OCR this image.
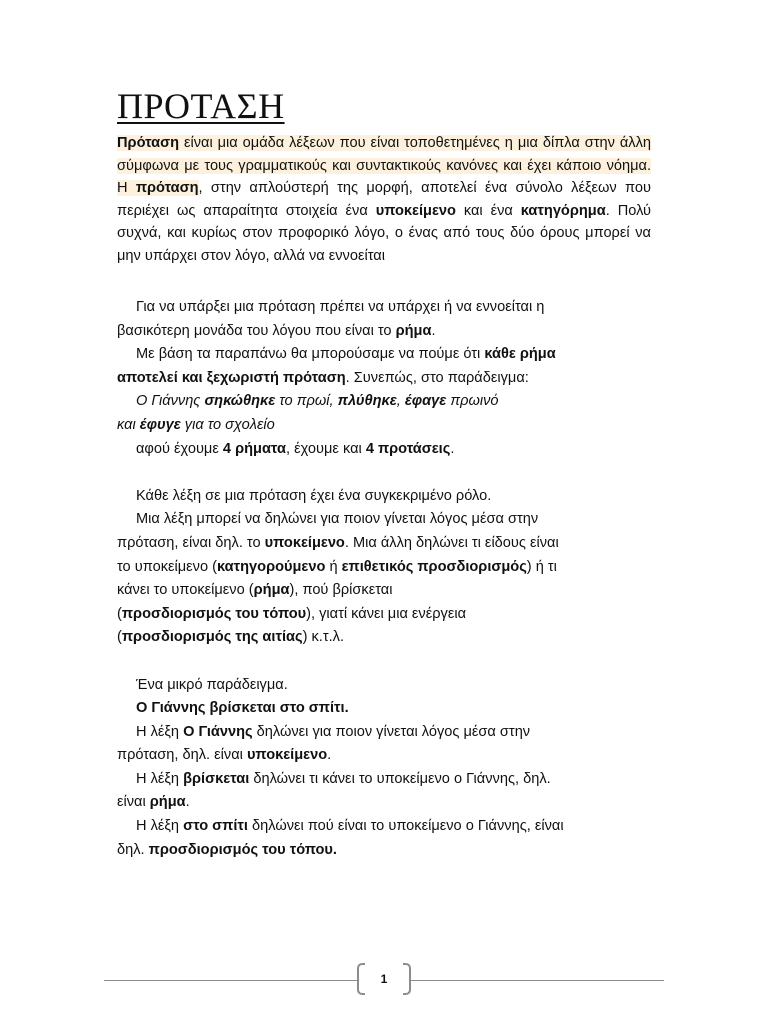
ΠΡΟΤΑΣΗ
Πρόταση είναι μια ομάδα λέξεων που είναι τοποθετημένες η μια δίπλα στην άλλη σύμφωνα με τους γραμματικούς και συντακτικούς κανόνες και έχει κάποιο νόημα. Η πρόταση, στην απλούστερή της μορφή, αποτελεί ένα σύνολο λέξεων που περιέχει ως απαραίτητα στοιχεία ένα υποκείμενο και ένα κατηγόρημα. Πολύ συχνά, και κυρίως στον προφορικό λόγο, ο ένας από τους δύο όρους μπορεί να μην υπάρχει στον λόγο, αλλά να εννοείται
Για να υπάρξει μια πρόταση πρέπει να υπάρχει ή να εννοείται η
βασικότερη μονάδα του λόγου που είναι το ρήμα.
Με βάση τα παραπάνω θα μπορούσαμε να πούμε ότι κάθε ρήμα
αποτελεί και ξεχωριστή πρόταση. Συνεπώς, στο παράδειγμα:
Ο Γιάννης σηκώθηκε το πρωί, πλύθηκε, έφαγε πρωινό
και έφυγε για το σχολείο
αφού έχουμε 4 ρήματα, έχουμε και 4 προτάσεις.
Κάθε λέξη σε μια πρόταση έχει ένα συγκεκριμένο ρόλο.
Μια λέξη μπορεί να δηλώνει για ποιον γίνεται λόγος μέσα στην
πρόταση, είναι δηλ. το υποκείμενο. Μια άλλη δηλώνει τι είδους είναι
το υποκείμενο (κατηγορούμενο ή επιθετικός προσδιορισμός) ή τι
κάνει το υποκείμενο (ρήμα), πού βρίσκεται
(προσδιορισμός του τόπου), γιατί κάνει μια ενέργεια
(προσδιορισμός της αιτίας) κ.τ.λ.
Ένα μικρό παράδειγμα.
Ο Γιάννης βρίσκεται στο σπίτι.
Η λέξη Ο Γιάννης δηλώνει για ποιον γίνεται λόγος μέσα στην
πρόταση, δηλ. είναι υποκείμενο.
Η λέξη βρίσκεται δηλώνει τι κάνει το υποκείμενο ο Γιάννης, δηλ.
είναι ρήμα.
Η λέξη στο σπίτι δηλώνει πού είναι το υποκείμενο ο Γιάννης, είναι
δηλ. προσδιορισμός του τόπου.
1
